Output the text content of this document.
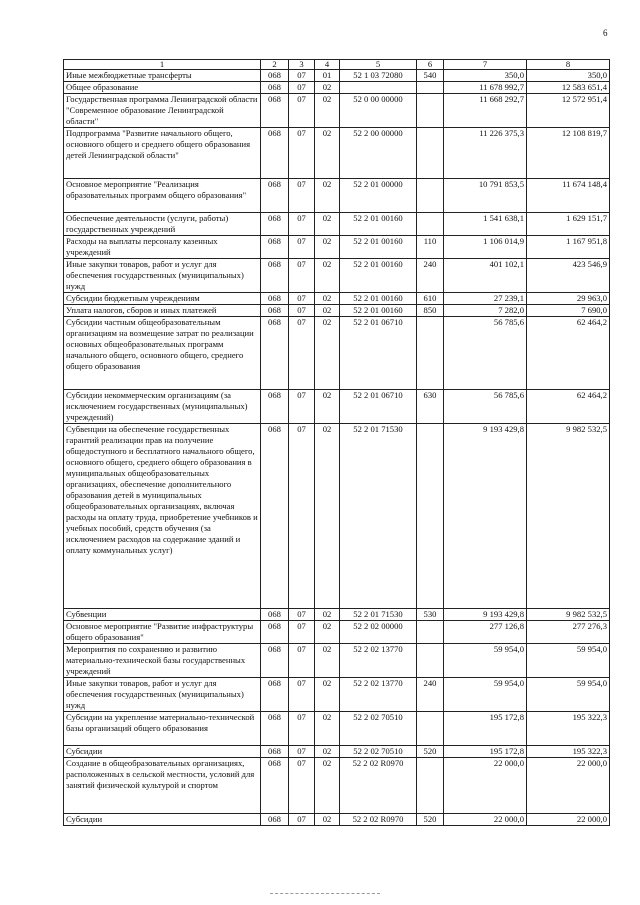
6
1	2	3	4	5	6	7	8
Иные межбюджетные трансферты	068	07	01	52 1 03 72080	540	350,0	350,0
Общее образование	068	07	02			11 678 992,7	12 583 651,4
Государственная программа Ленинградской области "Современное образование Ленинградской области"	068	07	02	52 0 00 00000		11 668 292,7	12 572 951,4
Подпрограмма "Развитие начального общего, основного общего и среднего общего образования детей Ленинградской области"	068	07	02	52 2 00 00000		11 226 375,3	12 108 819,7
Основное мероприятие "Реализация образовательных программ общего образования"	068	07	02	52 2 01 00000		10 791 853,5	11 674 148,4
Обеспечение деятельности (услуги, работы) государственных учреждений	068	07	02	52 2 01 00160		1 541 638,1	1 629 151,7
Расходы на выплаты персоналу казенных учреждений	068	07	02	52 2 01 00160	110	1 106 014,9	1 167 951,8
Иные закупки товаров, работ и услуг для обеспечения государственных (муниципальных) нужд	068	07	02	52 2 01 00160	240	401 102,1	423 546,9
Субсидии бюджетным учреждениям	068	07	02	52 2 01 00160	610	27 239,1	29 963,0
Уплата налогов, сборов и иных платежей	068	07	02	52 2 01 00160	850	7 282,0	7 690,0
Субсидии частным общеобразовательным организациям на возмещение затрат по реализации основных общеобразовательных программ начального общего, основного общего, среднего общего образования	068	07	02	52 2 01 06710		56 785,6	62 464,2
Субсидии некоммерческим организациям (за исключением государственных (муниципальных) учреждений)	068	07	02	52 2 01 06710	630	56 785,6	62 464,2
Субвенции на обеспечение государственных гарантий реализации прав на получение общедоступного и бесплатного начального общего, основного общего, среднего общего образования в муниципальных общеобразовательных организациях, обеспечение дополнительного образования детей в муниципальных общеобразовательных организациях, включая расходы на оплату труда, приобретение учебников и учебных пособий, средств обучения (за исключением расходов на содержание зданий и оплату коммунальных услуг)	068	07	02	52 2 01 71530		9 193 429,8	9 982 532,5
Субвенции	068	07	02	52 2 01 71530	530	9 193 429,8	9 982 532,5
Основное мероприятие "Развитие инфраструктуры общего образования"	068	07	02	52 2 02 00000		277 126,8	277 276,3
Мероприятия по сохранению и развитию материально-технической базы государственных учреждений	068	07	02	52 2 02 13770		59 954,0	59 954,0
Иные закупки товаров, работ и услуг для обеспечения государственных (муниципальных) нужд	068	07	02	52 2 02 13770	240	59 954,0	59 954,0
Субсидии на укрепление материально-технической базы организаций общего образования	068	07	02	52 2 02 70510		195 172,8	195 322,3
Субсидии	068	07	02	52 2 02 70510	520	195 172,8	195 322,3
Создание в общеобразовательных организациях, расположенных в сельской местности, условий для занятий физической культурой и спортом	068	07	02	52 2 02 R0970		22 000,0	22 000,0
Субсидии	068	07	02	52 2 02 R0970	520	22 000,0	22 000,0
